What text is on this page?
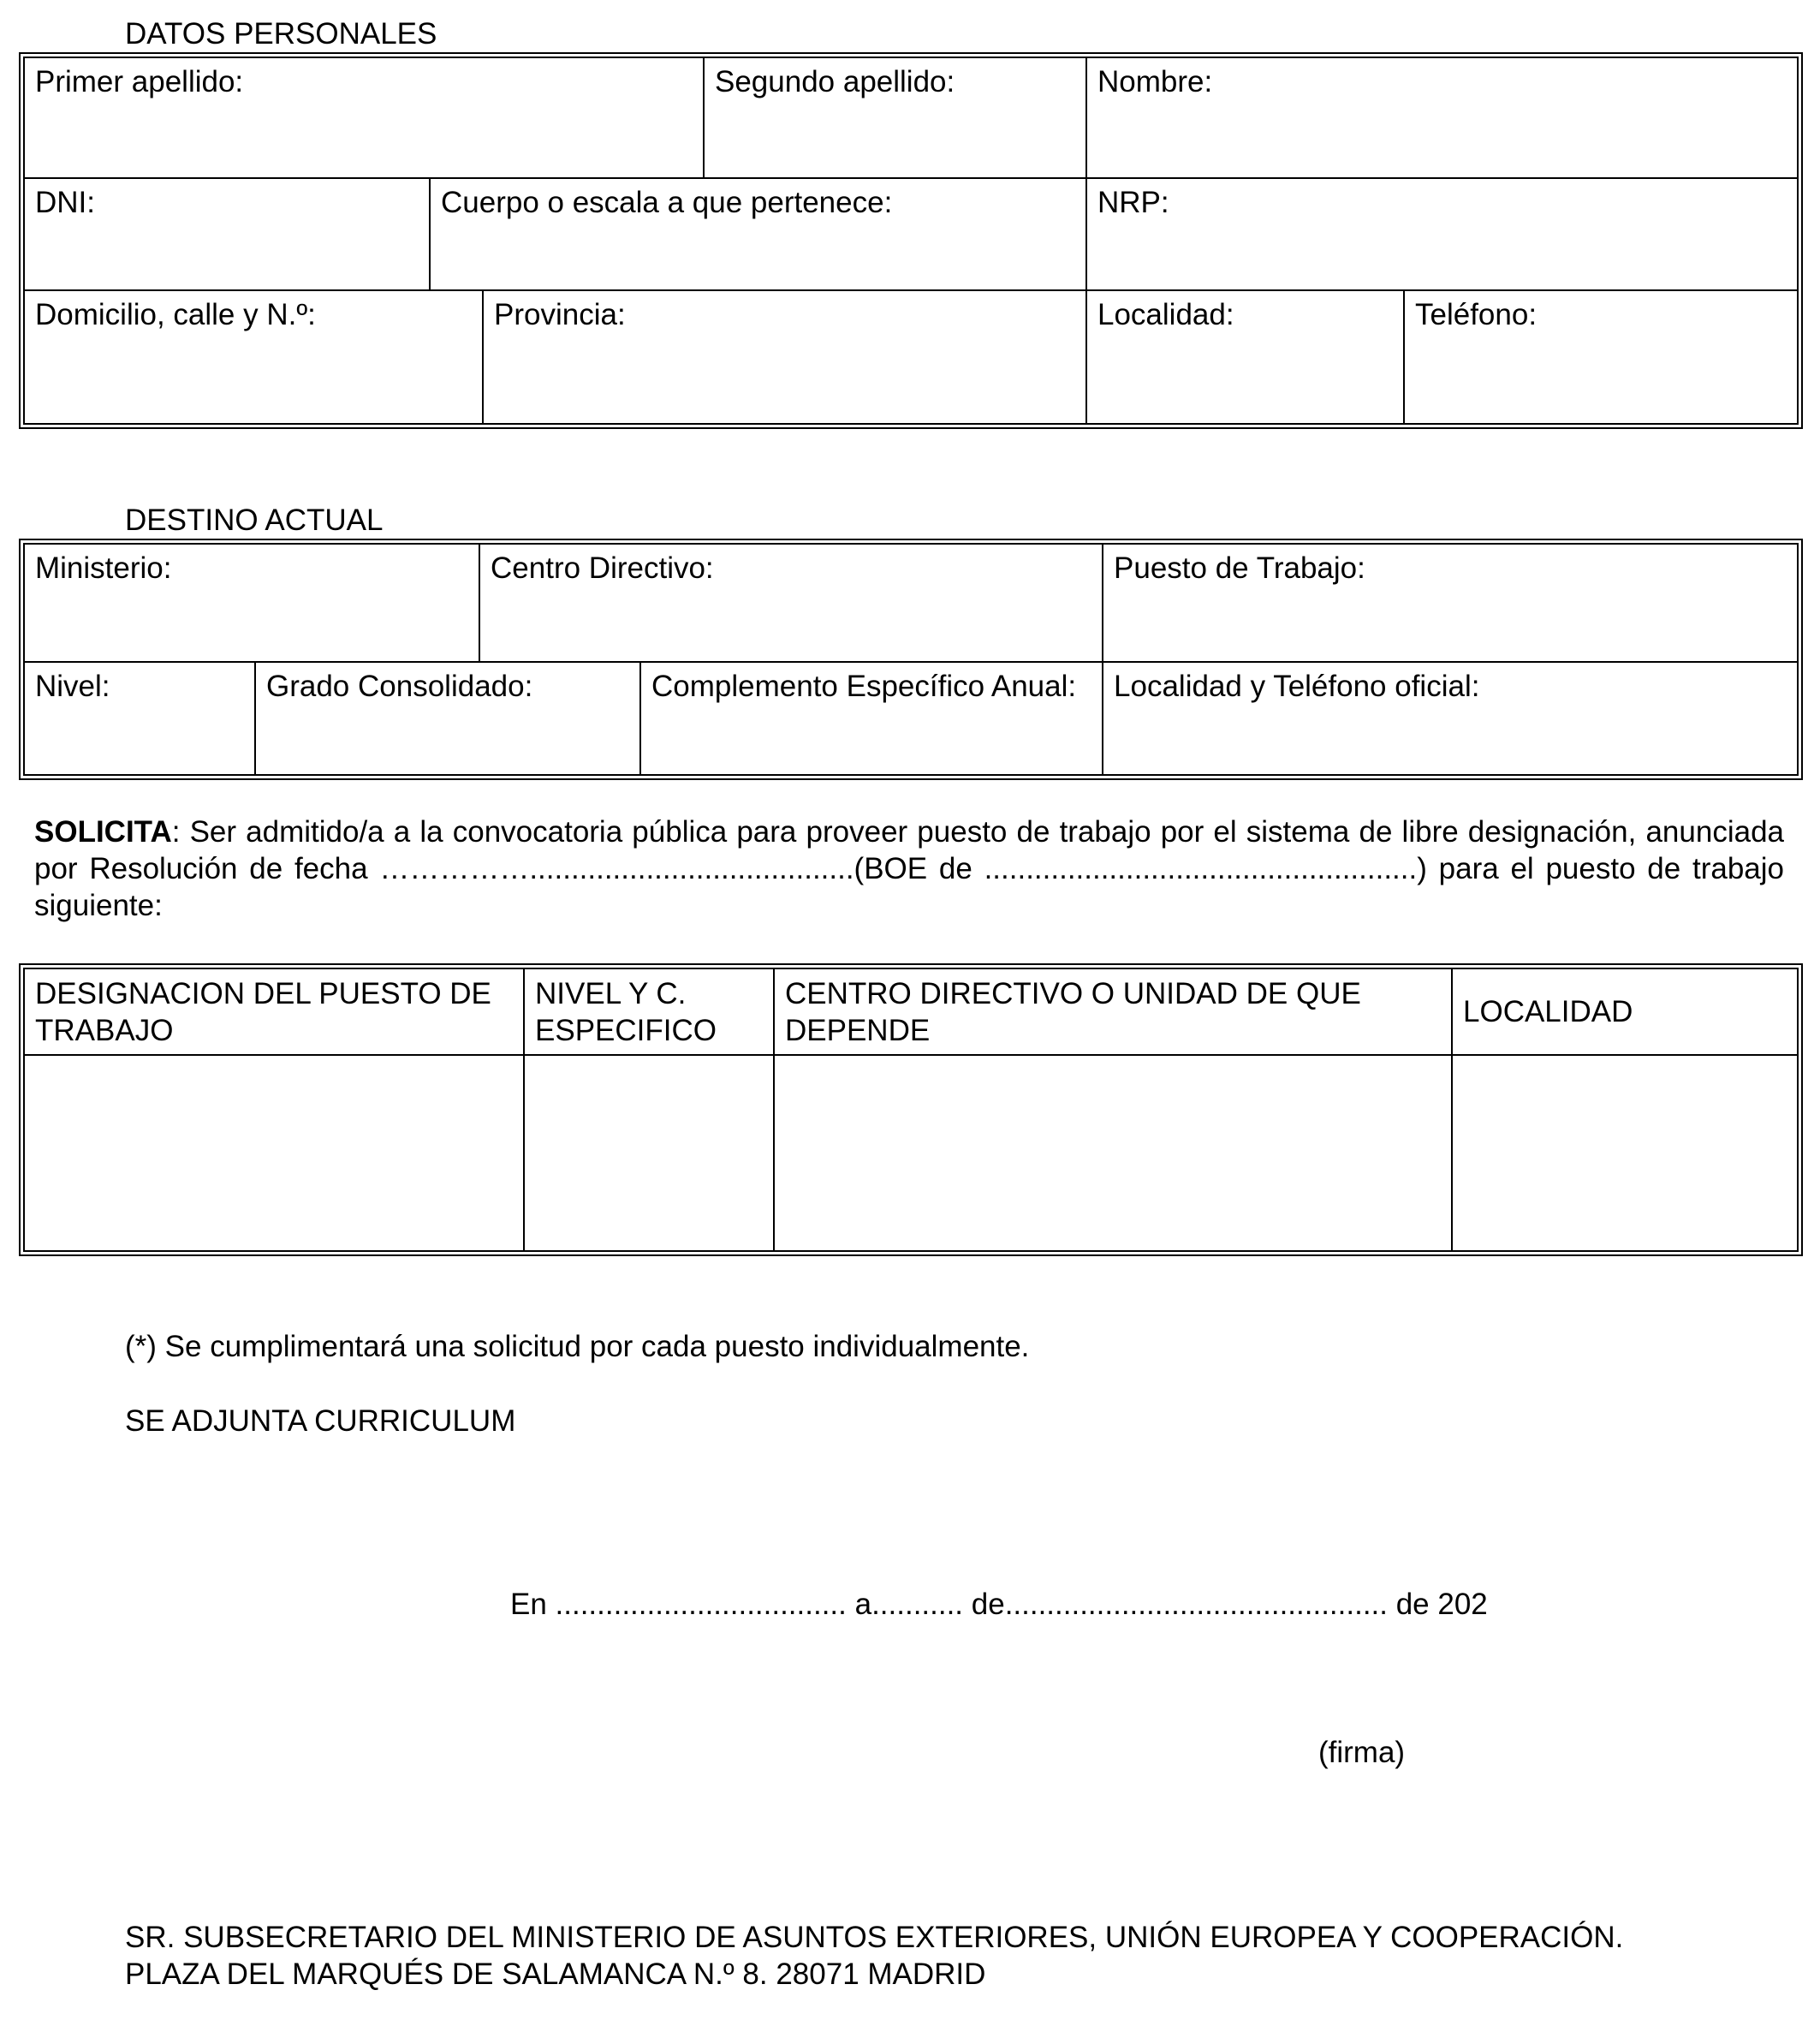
DATOS PERSONALES
Primer apellido:			Segundo apellido:	Nombre:	
DNI:	Cuerpo o escala a que pertenece:			NRP:	
Domicilio, calle y N.º:		Provincia:		Localidad:	Teléfono:
DESTINO ACTUAL
Ministerio:		Centro Directivo:		Puesto de Trabajo:
Nivel:	Grado Consolidado:		Complemento Específico Anual:	Localidad y Teléfono oficial:
SOLICITA: Ser admitido/a a la convocatoria pública para proveer puesto de trabajo por el sistema de libre designación, anunciada por Resolución de fecha …………….......................................(BOE de ....................................................) para el puesto de trabajo siguiente:
DESIGNACION DEL PUESTO DE TRABAJO	NIVEL Y C. ESPECIFICO	CENTRO DIRECTIVO O UNIDAD DE QUE DEPENDE	LOCALIDAD

(*) Se cumplimentará una solicitud por cada puesto individualmente.
SE ADJUNTA CURRICULUM
En ................................... a........... de.............................................. de 202
(firma)
SR. SUBSECRETARIO DEL MINISTERIO DE ASUNTOS EXTERIORES, UNIÓN EUROPEA Y COOPERACIÓN.
PLAZA DEL MARQUÉS DE SALAMANCA N.º 8. 28071 MADRID
